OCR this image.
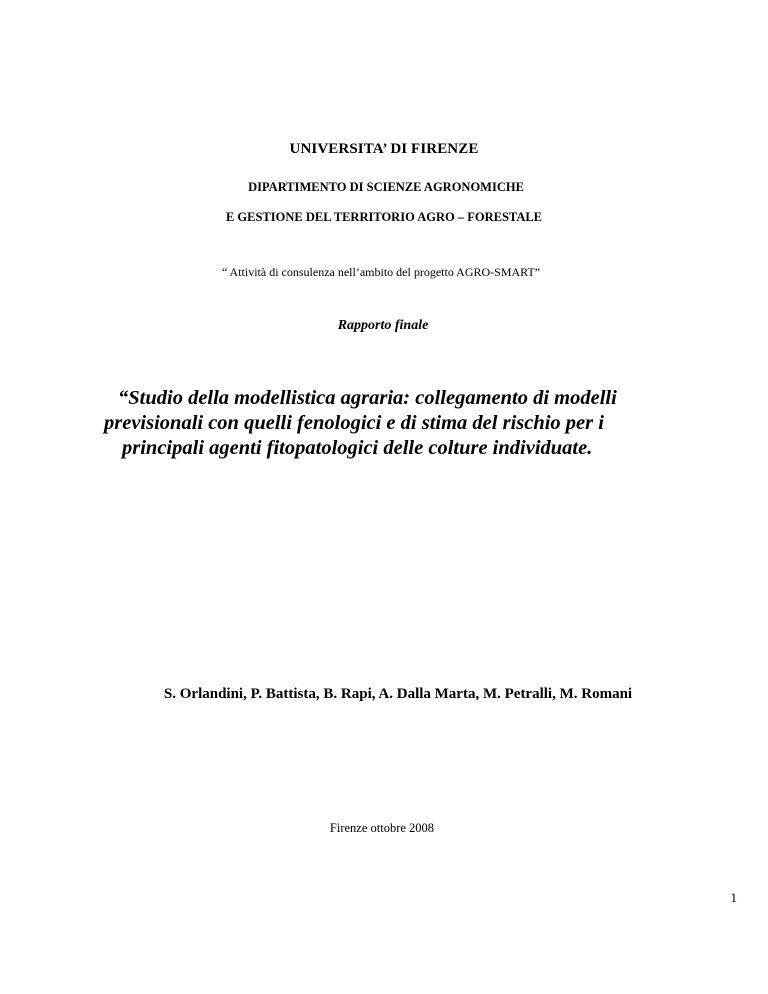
UNIVERSITA’ DI FIRENZE

DIPARTIMENTO DI SCIENZE AGRONOMICHE

E GESTIONE DEL TERRITORIO AGRO – FORESTALE

“ Attività di consulenza nell’ambito del progetto AGRO-SMART”

Rapporto finale

“Studio della modellistica agraria: collegamento di modelli

previsionali con quelli fenologici e di stima del rischio per i

principali agenti fitopatologici delle colture individuate.

S. Orlandini, P. Battista, B. Rapi, A. Dalla Marta, M. Petralli, M. Romani

Firenze ottobre 2008

1
